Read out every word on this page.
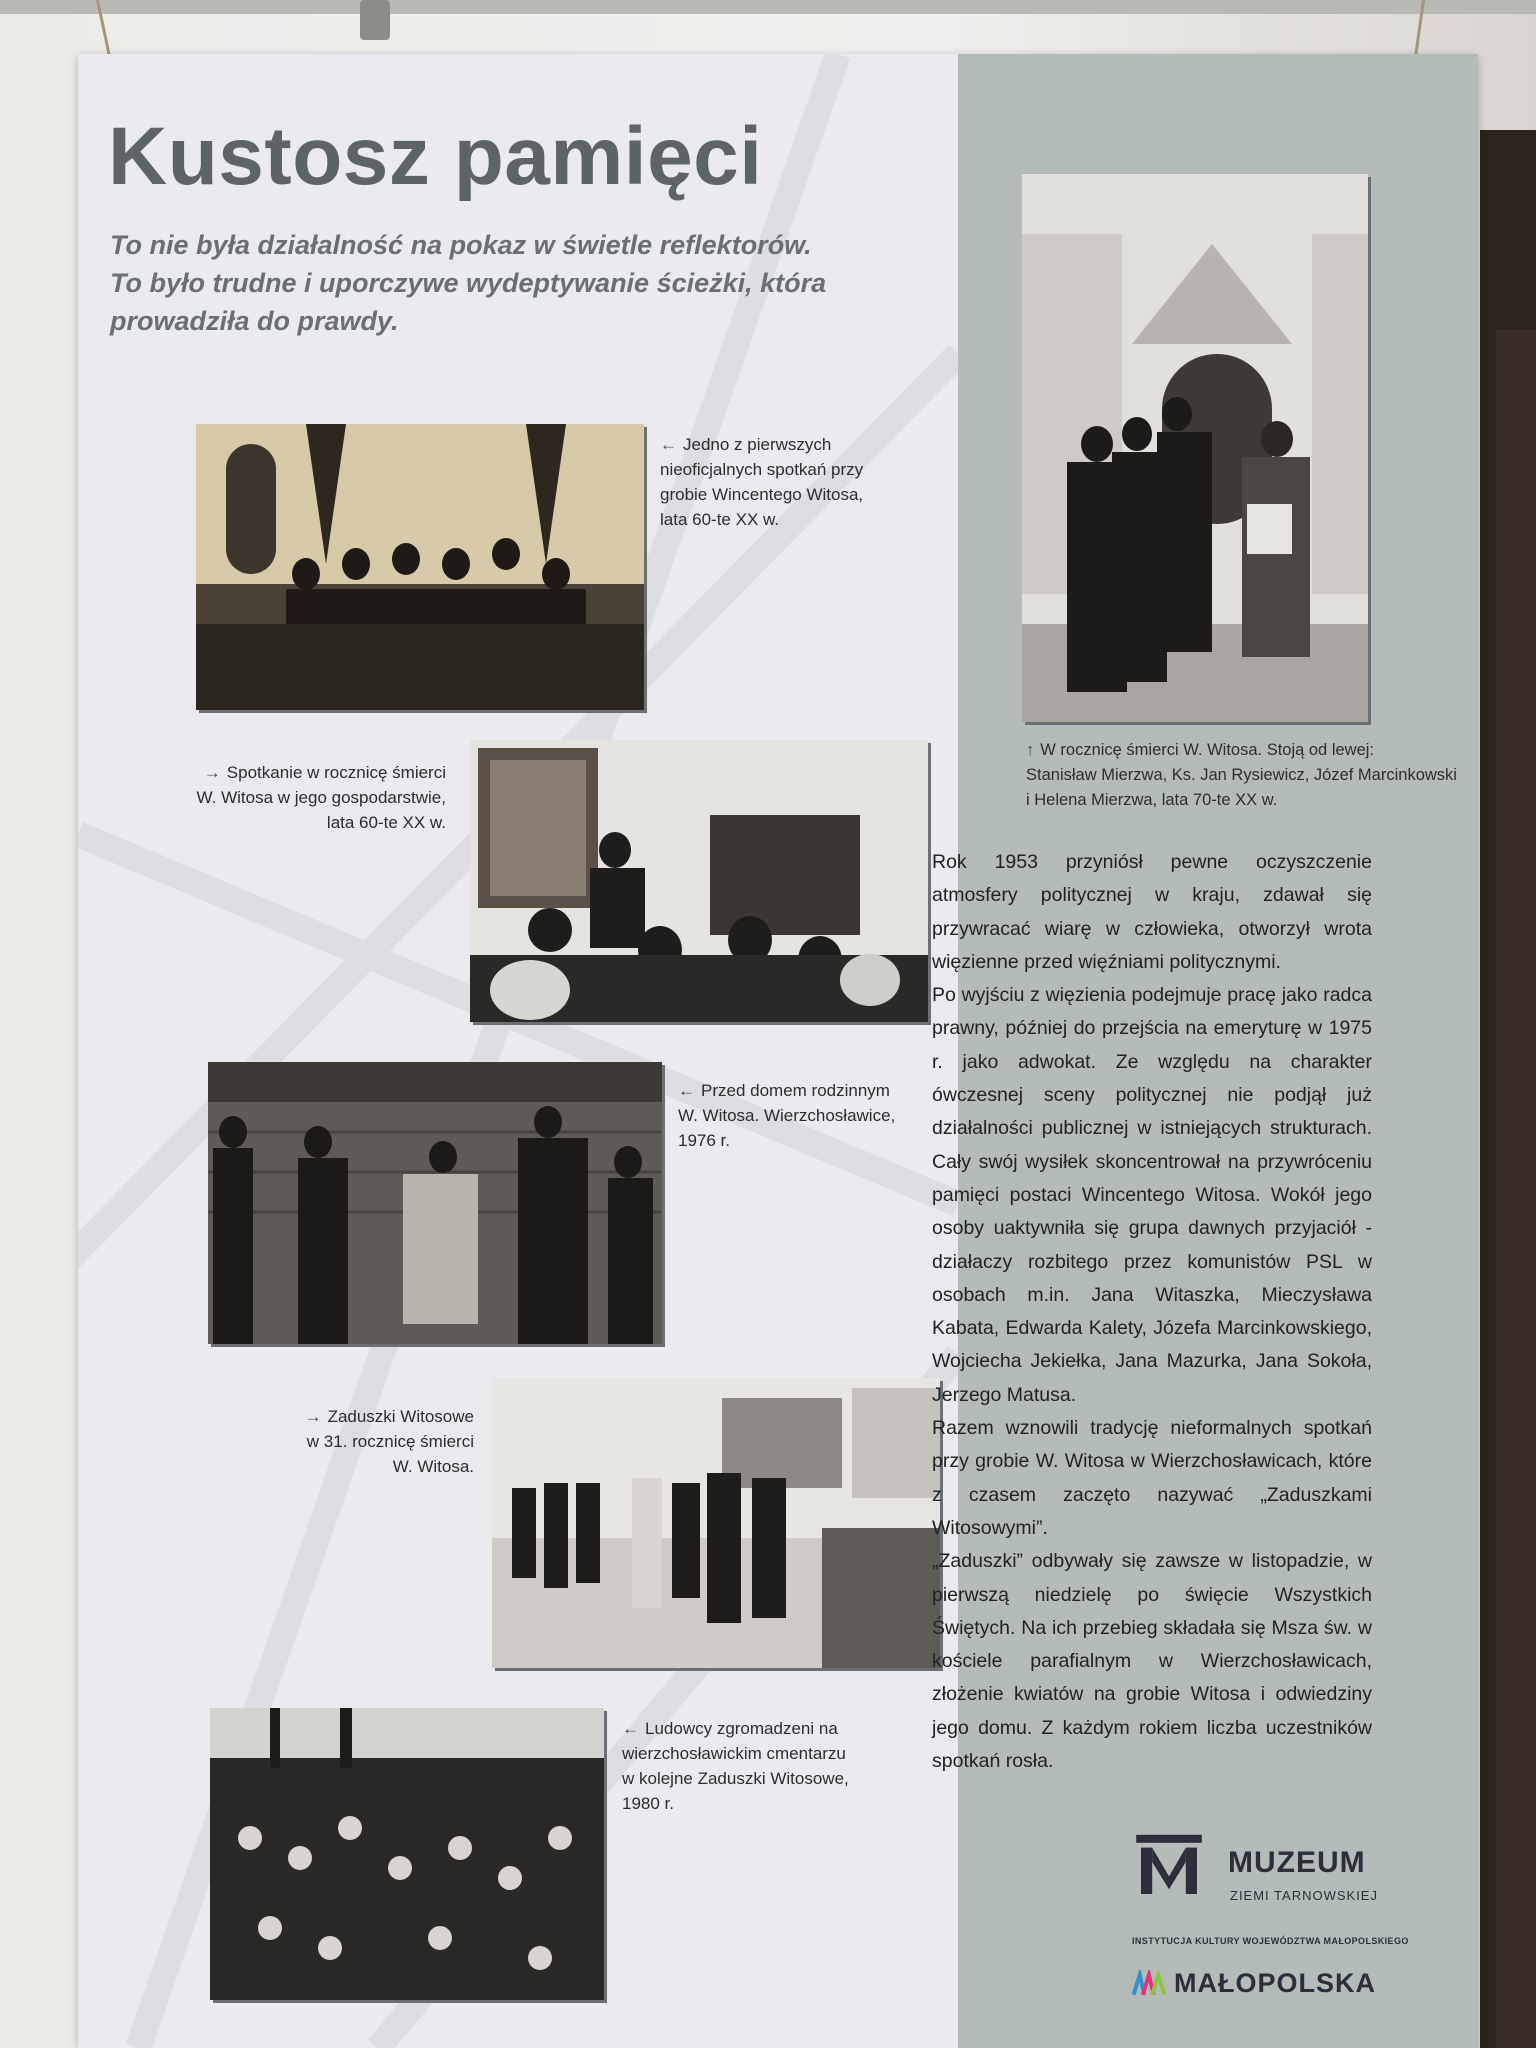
Kustosz pamięci
To nie była działalność na pokaz w świetle reflektorów.
To było trudne i uporczywe wydeptywanie ścieżki, która
prowadziła do prawdy.
← Jedno z pierwszych
nieoficjalnych spotkań przy
grobie Wincentego Witosa,
lata 60-te XX w.
→ Spotkanie w rocznicę śmierci
W. Witosa w jego gospodarstwie,
lata 60-te XX w.
← Przed domem rodzinnym
W. Witosa. Wierzchosławice,
1976 r.
→ Zaduszki Witosowe
w 31. rocznicę śmierci
W. Witosa.
← Ludowcy zgromadzeni na
wierzchosławickim cmentarzu
w kolejne Zaduszki Witosowe,
1980 r.
↑ W rocznicę śmierci W. Witosa. Stoją od lewej:
Stanisław Mierzwa, Ks. Jan Rysiewicz, Józef Marcinkowski
i Helena Mierzwa, lata 70-te XX w.

Rok 1953 przyniósł pewne oczyszczenie atmosfery politycznej w kraju, zdawał się przywracać wiarę w człowieka, otworzył wrota więzienne przed więźniami politycznymi.

Po wyjściu z więzienia podejmuje pracę jako radca prawny, później do przejścia na emeryturę w 1975 r. jako adwokat. Ze względu na charakter ówczesnej sceny politycznej nie podjął już działalności publicznej w istniejących strukturach. Cały swój wysiłek skoncentrował na przywróceniu pamięci postaci Wincentego Witosa. Wokół jego osoby uaktywniła się grupa dawnych przyjaciół - działaczy rozbitego przez komunistów PSL w osobach m.in. Jana Witaszka, Mieczysława Kabata, Edwarda Kalety, Józefa Marcinkowskiego, Wojciecha Jekiełka, Jana Mazurka, Jana Sokoła, Jerzego Matusa.

Razem wznowili tradycję nieformalnych spotkań przy grobie W. Witosa w Wierzchosławicach, które z czasem zaczęto nazywać „Zaduszkami Witosowymi”.

„Zaduszki” odbywały się zawsze w listopadzie, w pierwszą niedzielę po święcie Wszystkich Świętych. Na ich przebieg składała się Msza św. w kościele parafialnym w Wierzchosławicach, złożenie kwiatów na grobie Witosa i odwiedziny jego domu. Z każdym rokiem liczba uczestników spotkań rosła.

MUZEUM
ZIEMI TARNOWSKIEJ
INSTYTUCJA KULTURY WOJEWÓDZTWA MAŁOPOLSKIEGO
MAŁOPOLSKA
